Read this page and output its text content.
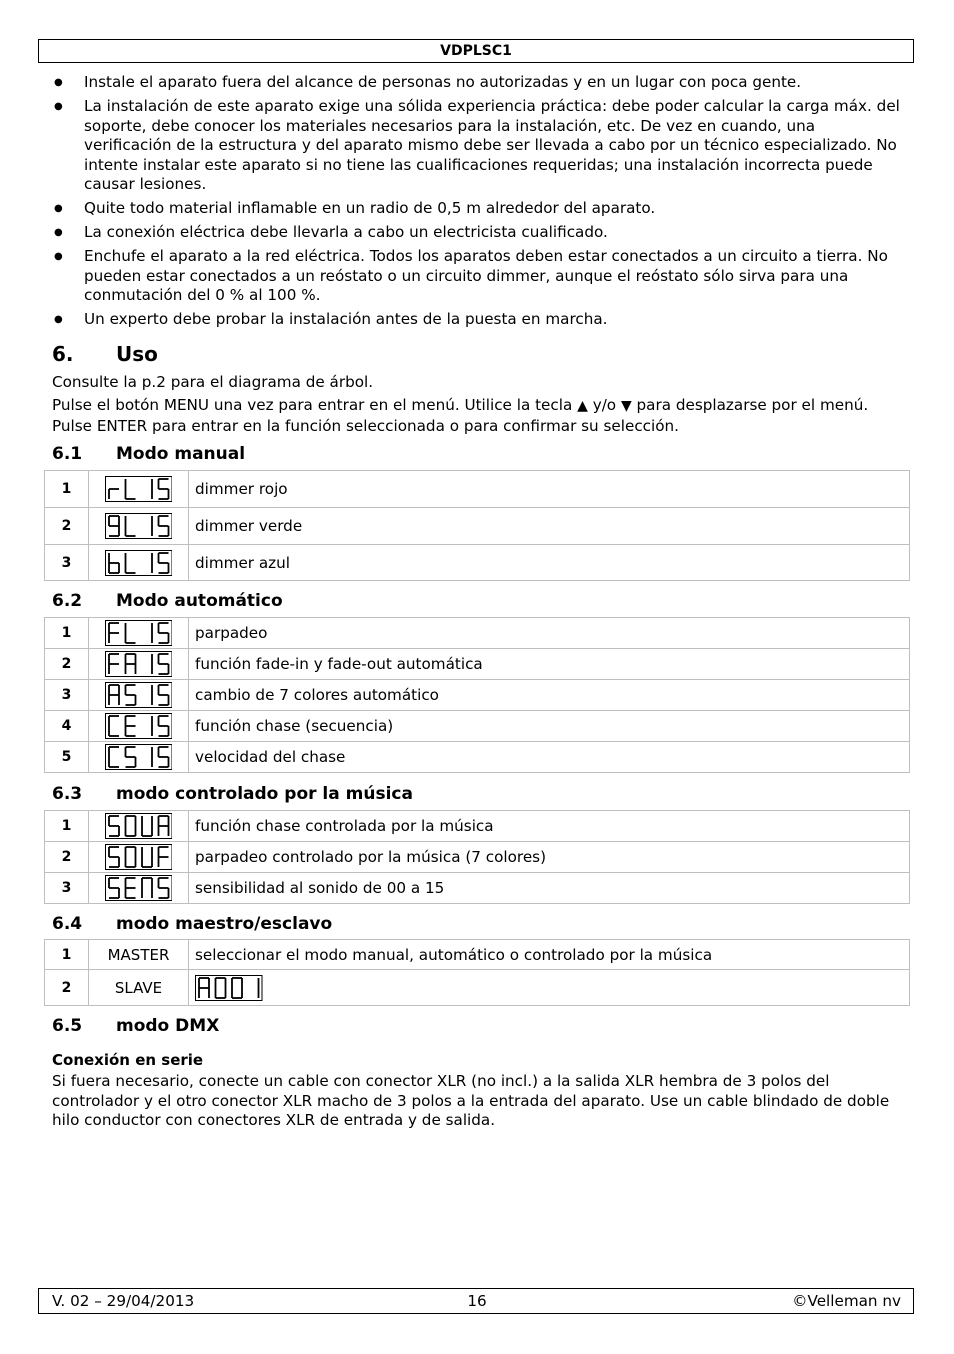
VDPLSC1
● Instale el aparato fuera del alcance de personas no autorizadas y en un lugar con poca gente.
● La instalación de este aparato exige una sólida experiencia práctica: debe poder calcular la carga máx. del soporte, debe conocer los materiales necesarios para la instalación, etc. De vez en cuando, una verificación de la estructura y del aparato mismo debe ser llevada a cabo por un técnico especializado. No intente instalar este aparato si no tiene las cualificaciones requeridas; una instalación incorrecta puede causar lesiones.
● Quite todo material inflamable en un radio de 0,5 m alrededor del aparato.
● La conexión eléctrica debe llevarla a cabo un electricista cualificado.
● Enchufe el aparato a la red eléctrica. Todos los aparatos deben estar conectados a un circuito a tierra. No pueden estar conectados a un reóstato o un circuito dimmer, aunque el reóstato sólo sirva para una conmutación del 0 % al 100 %.
● Un experto debe probar la instalación antes de la puesta en marcha.
6. Uso
Consulte la p.2 para el diagrama de árbol.
Pulse el botón MENU una vez para entrar en el menú. Utilice la tecla ▲ y/o ▼ para desplazarse por el menú. Pulse ENTER para entrar en la función seleccionada o para confirmar su selección.
6.1 Modo manual
1		dimmer rojo
2		dimmer verde
3		dimmer azul
6.2 Modo automático
1		parpadeo
2		función fade-in y fade-out automática
3		cambio de 7 colores automático
4		función chase (secuencia)
5		velocidad del chase
6.3 modo controlado por la música
1		función chase controlada por la música
2		parpadeo controlado por la música (7 colores)
3		sensibilidad al sonido de 00 a 15
6.4 modo maestro/esclavo
1	MASTER	seleccionar el modo manual, automático o controlado por la música
2	SLAVE	
6.5 modo DMX
Conexión en serie
Si fuera necesario, conecte un cable con conector XLR (no incl.) a la salida XLR hembra de 3 polos del controlador y el otro conector XLR macho de 3 polos a la entrada del aparato. Use un cable blindado de doble hilo conductor con conectores XLR de entrada y de salida.
V. 02 – 29/04/2013	16	©Velleman nv
